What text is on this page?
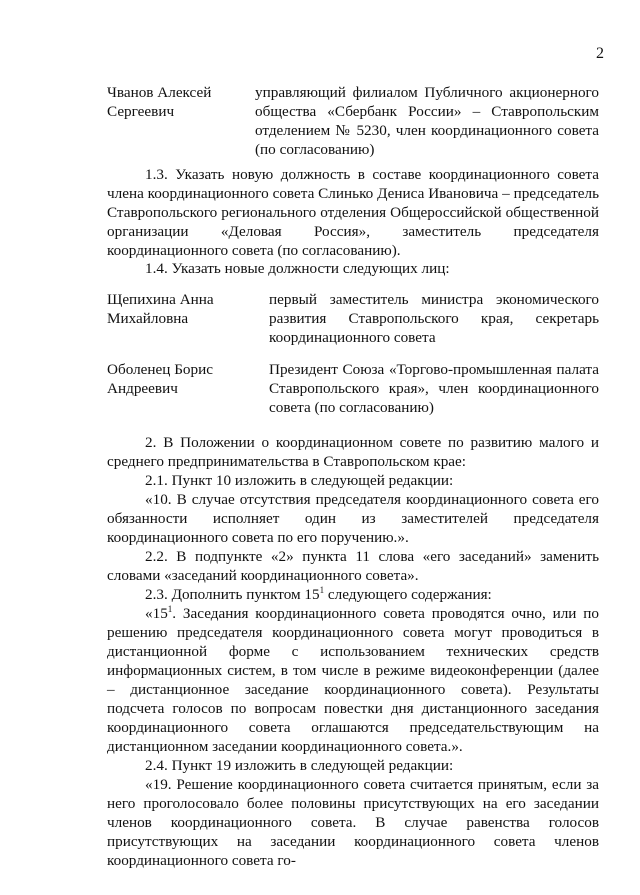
2
Чванов Алексей Сергеевич
управляющий филиалом Публичного акционерного общества «Сбербанк России» – Ставропольским отделением № 5230, член координационного совета (по согласованию)

1.3. Указать новую должность в составе координационного совета члена координационного совета Слинько Дениса Ивановича – председатель Ставропольского регионального отделения Общероссийской общественной организации «Деловая Россия», заместитель председателя координационного совета (по согласованию).

1.4. Указать новые должности следующих лиц:

Щепихина Анна Михайловна
первый заместитель министра экономического развития Ставропольского края, секретарь координационного совета
Оболенец Борис Андреевич
Президент Союза «Торгово-промышленная палата Ставропольского края», член координационного совета (по согласованию)

2. В Положении о координационном совете по развитию малого и среднего предпринимательства в Ставропольском крае:

2.1. Пункт 10 изложить в следующей редакции:

«10. В случае отсутствия председателя координационного совета его обязанности исполняет один из заместителей председателя координационного совета по его поручению.».

2.2. В подпункте «2» пункта 11 слова «его заседаний» заменить словами «заседаний координационного совета».

2.3. Дополнить пунктом $15^1$ следующего содержания:

«$15^1$. Заседания координационного совета проводятся очно, или по решению председателя координационного совета могут проводиться в дистанционной форме с использованием технических средств информационных систем, в том числе в режиме видеоконференции (далее – дистанционное заседание координационного совета). Результаты подсчета голосов по вопросам повестки дня дистанционного заседания координационного совета оглашаются председательствующим на дистанционном заседании координационного совета.».

2.4. Пункт 19 изложить в следующей редакции:

«19. Решение координационного совета считается принятым, если за него проголосовало более половины присутствующих на его заседании членов координационного совета. В случае равенства голосов присутствующих на заседании координационного совета членов координационного совета го-
